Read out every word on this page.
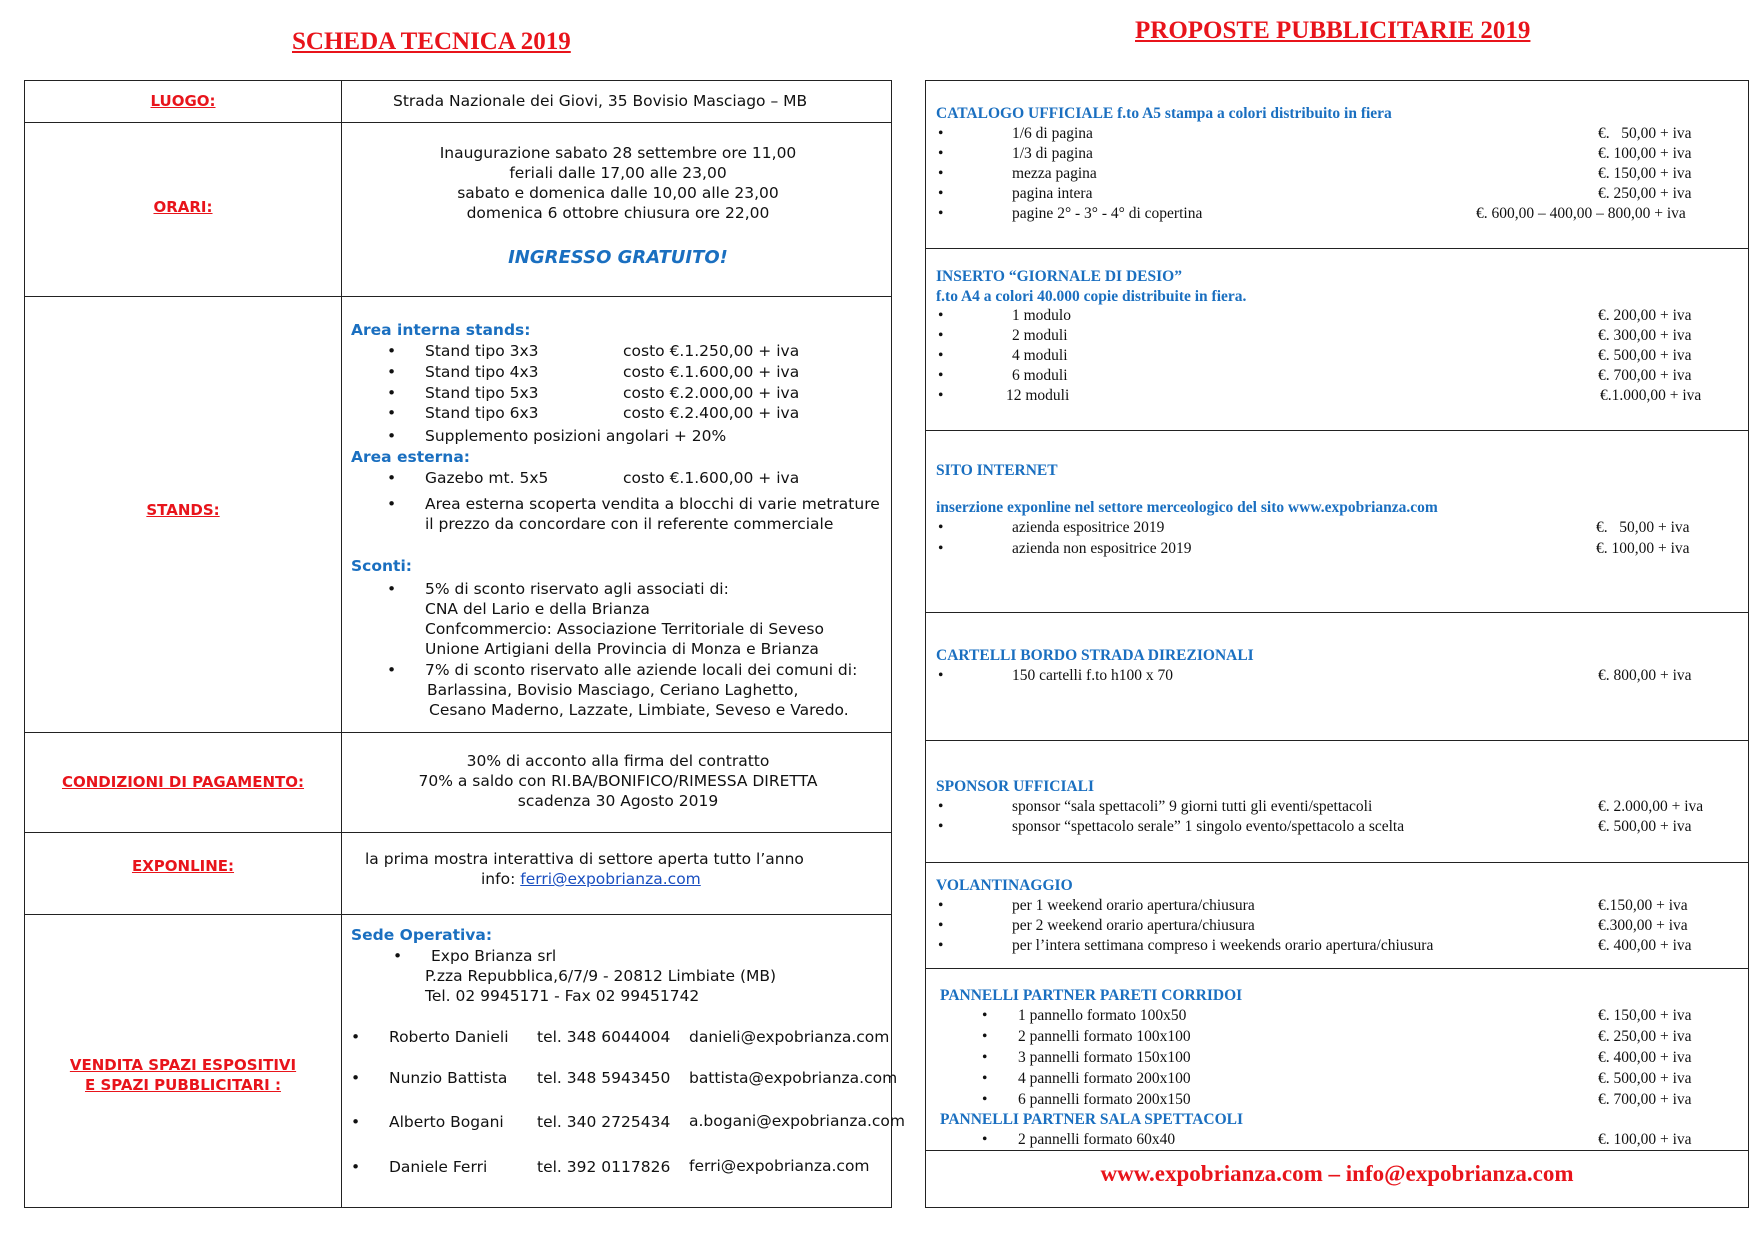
SCHEDA TECNICA 2019	PROPOSTE PUBBLICITARIE 2019
LUOGO:	Strada Nazionale dei Giovi, 35 Bovisio Masciago – MB
ORARI:
Inaugurazione sabato 28 settembre ore 11,00
feriali dalle 17,00 alle 23,00
sabato e domenica dalle 10,00 alle 23,00
domenica 6 ottobre chiusura ore 22,00
INGRESSO GRATUITO!
STANDS:
Area interna stands:
• Stand tipo 3x3	costo €.1.250,00 + iva
• Stand tipo 4x3	costo €.1.600,00 + iva
• Stand tipo 5x3	costo €.2.000,00 + iva
• Stand tipo 6x3	costo €.2.400,00 + iva
• Supplemento posizioni angolari + 20%
Area esterna:
• Gazebo mt. 5x5	costo €.1.600,00 + iva
• Area esterna scoperta vendita a blocchi di varie metrature
il prezzo da concordare con il referente commerciale
Sconti:
• 5% di sconto riservato agli associati di:
CNA del Lario e della Brianza
Confcommercio: Associazione Territoriale di Seveso
Unione Artigiani della Provincia di Monza e Brianza
• 7% di sconto riservato alle aziende locali dei comuni di:
Barlassina, Bovisio Masciago, Ceriano Laghetto,
Cesano Maderno, Lazzate, Limbiate, Seveso e Varedo.
CONDIZIONI DI PAGAMENTO:
30% di acconto alla firma del contratto
70% a saldo con RI.BA/BONIFICO/RIMESSA DIRETTA
scadenza 30 Agosto 2019
EXPONLINE:	la prima mostra interattiva di settore aperta tutto l’anno
info: ferri@expobrianza.com
VENDITA SPAZI ESPOSITIVI
E SPAZI PUBBLICITARI :
Sede Operativa:
• Expo Brianza srl
P.zza Repubblica,6/7/9 - 20812 Limbiate (MB)
Tel. 02 9945171 - Fax 02 99451742
• Roberto Danieli tel. 348 6044004 danieli@expobrianza.com
• Nunzio Battista tel. 348 5943450 battista@expobrianza.com
• Alberto Bogani tel. 340 2725434 a.bogani@expobrianza.com
• Daniele Ferri	tel. 392 0117826 ferri@expobrianza.com
CATALOGO UFFICIALE f.to A5 stampa a colori distribuito in fiera
•	1/6 di pagina	€.   50,00 + iva
•	1/3 di pagina	€. 100,00 + iva
•	mezza pagina	€. 150,00 + iva
•	pagina intera	€. 250,00 + iva
•	pagine 2° - 3° - 4° di copertina	€. 600,00 – 400,00 – 800,00 + iva
INSERTO “GIORNALE DI DESIO”
f.to A4 a colori 40.000 copie distribuite in fiera.
•	1 modulo	€. 200,00 + iva
•	2 moduli	€. 300,00 + iva
•	4 moduli	€. 500,00 + iva
•	6 moduli	€. 700,00 + iva
•	12 moduli	€.1.000,00 + iva
SITO INTERNET
inserzione exponline nel settore merceologico del sito www.expobrianza.com
•	azienda espositrice 2019	€.   50,00 + iva
•	azienda non espositrice 2019	€. 100,00 + iva
CARTELLI BORDO STRADA DIREZIONALI
•	150 cartelli f.to h100 x 70	€. 800,00 + iva
SPONSOR UFFICIALI
•	sponsor “sala spettacoli” 9 giorni tutti gli eventi/spettacoli	€. 2.000,00 + iva
•	sponsor “spettacolo serale” 1 singolo evento/spettacolo a scelta	€. 500,00 + iva
VOLANTINAGGIO
•	per 1 weekend orario apertura/chiusura	€.150,00 + iva
•	per 2 weekend orario apertura/chiusura	€.300,00 + iva
•	per l’intera settimana compreso i weekends orario apertura/chiusura	€. 400,00 + iva
PANNELLI PARTNER PARETI CORRIDOI
• 1 pannello formato 100x50	€. 150,00 + iva
• 2 pannelli formato 100x100	€. 250,00 + iva
• 3 pannelli formato 150x100	€. 400,00 + iva
• 4 pannelli formato 200x100	€. 500,00 + iva
• 6 pannelli formato 200x150	€. 700,00 + iva
PANNELLI PARTNER SALA SPETTACOLI
• 2 pannelli formato 60x40	€. 100,00 + iva
www.expobrianza.com – info@expobrianza.com
